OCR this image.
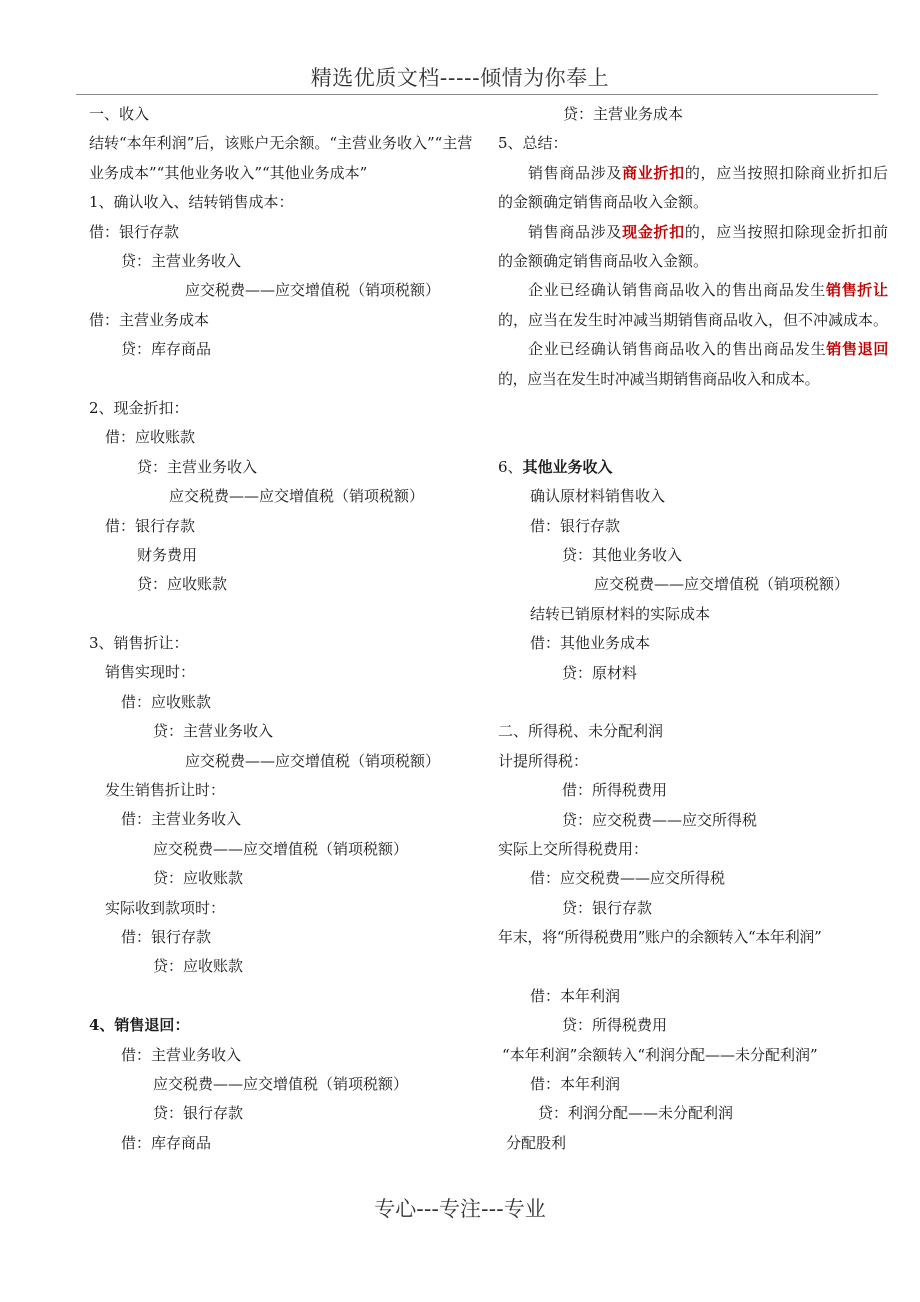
精选优质文档-----倾情为你奉上
一、收入
结转“本年利润”后，该账户无余额。“主营业务收入”“主营业务成本”“其他业务收入”“其他业务成本”
1、确认收入、结转销售成本：
借：银行存款
贷：主营业务收入
应交税费——应交增值税（销项税额）
借：主营业务成本
贷：库存商品
2、现金折扣：
借：应收账款
贷：主营业务收入
应交税费——应交增值税（销项税额）
借：银行存款
财务费用
贷：应收账款
3、销售折让：
销售实现时：
借：应收账款
贷：主营业务收入
应交税费——应交增值税（销项税额）
发生销售折让时：
借：主营业务收入
应交税费——应交增值税（销项税额）
贷：应收账款
实际收到款项时：
借：银行存款
贷：应收账款
4、销售退回：
借：主营业务收入
应交税费——应交增值税（销项税额）
贷：银行存款
借：库存商品
贷：主营业务成本
5、总结：
销售商品涉及商业折扣的，应当按照扣除商业折扣后的金额确定销售商品收入金额。
销售商品涉及现金折扣的，应当按照扣除现金折扣前的金额确定销售商品收入金额。
企业已经确认销售商品收入的售出商品发生销售折让的，应当在发生时冲减当期销售商品收入，但不冲减成本。
企业已经确认销售商品收入的售出商品发生销售退回的，应当在发生时冲减当期销售商品收入和成本。
6、其他业务收入
确认原材料销售收入
借：银行存款
贷：其他业务收入
应交税费——应交增值税（销项税额）
结转已销原材料的实际成本
借：其他业务成本
贷：原材料
二、所得税、未分配利润
计提所得税：
借：所得税费用
贷：应交税费——应交所得税
实际上交所得税费用：
借：应交税费——应交所得税
贷：银行存款
年末，将“所得税费用”账户的余额转入“本年利润”
借：本年利润
贷：所得税费用
“本年利润”余额转入“利润分配——未分配利润”
借：本年利润
贷：利润分配——未分配利润
分配股利
专心---专注---专业
